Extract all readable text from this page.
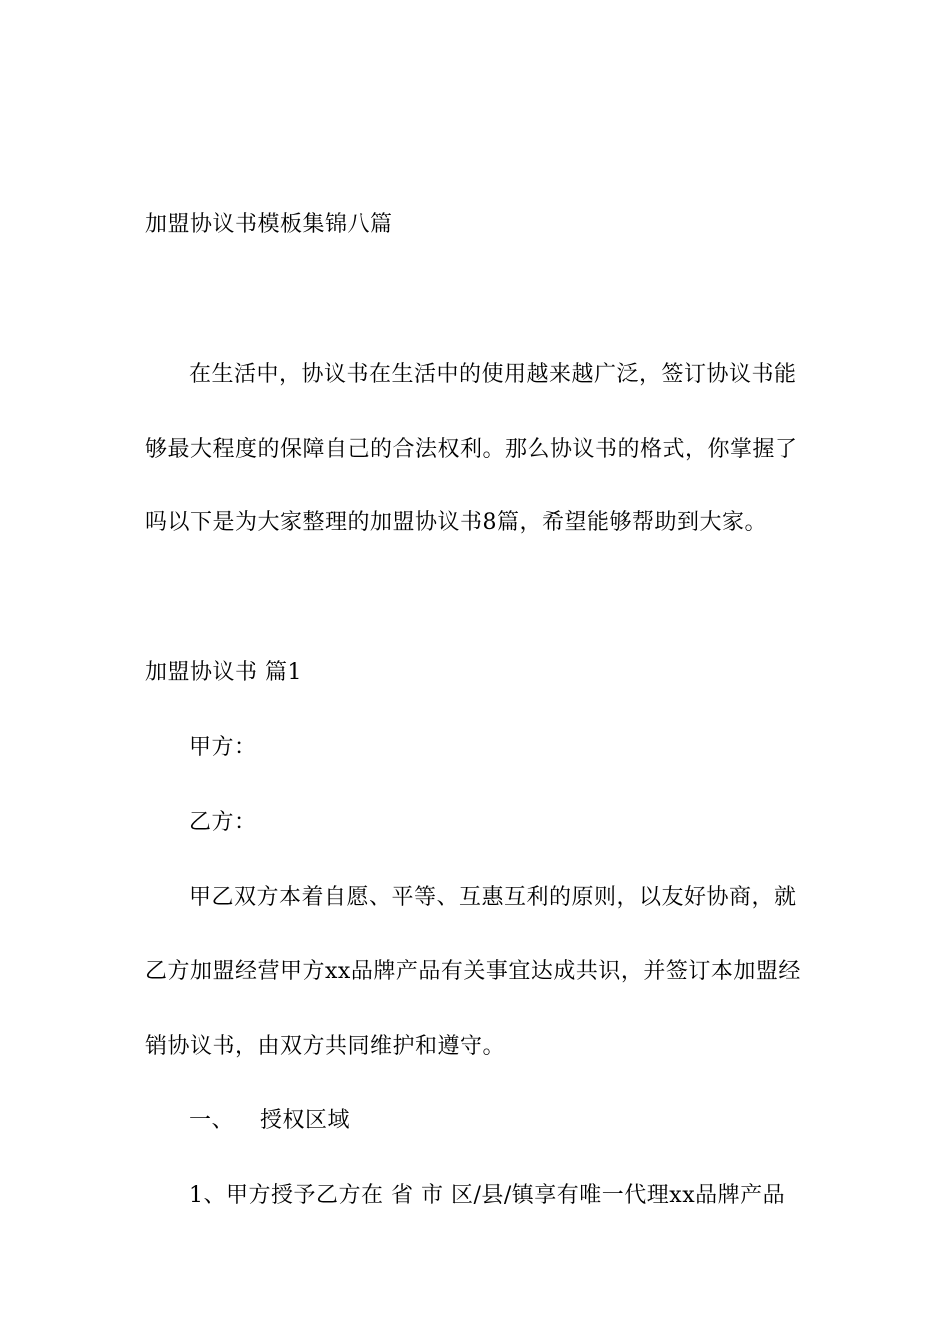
加盟协议书模板集锦八篇

在生活中，协议书在生活中的使用越来越广泛，签订协议书能

够最大程度的保障自己的合法权利。那么协议书的格式，你掌握了

吗以下是为大家整理的加盟协议书8篇，希望能够帮助到大家。

加盟协议书 篇1

甲方：

乙方：

甲乙双方本着自愿、平等、互惠互利的原则，以友好协商，就

乙方加盟经营甲方xx品牌产品有关事宜达成共识，并签订本加盟经

销协议书，由双方共同维护和遵守。

一、 授权区域

1、甲方授予乙方在 省 市 区/县/镇享有唯一代理xx品牌产品
